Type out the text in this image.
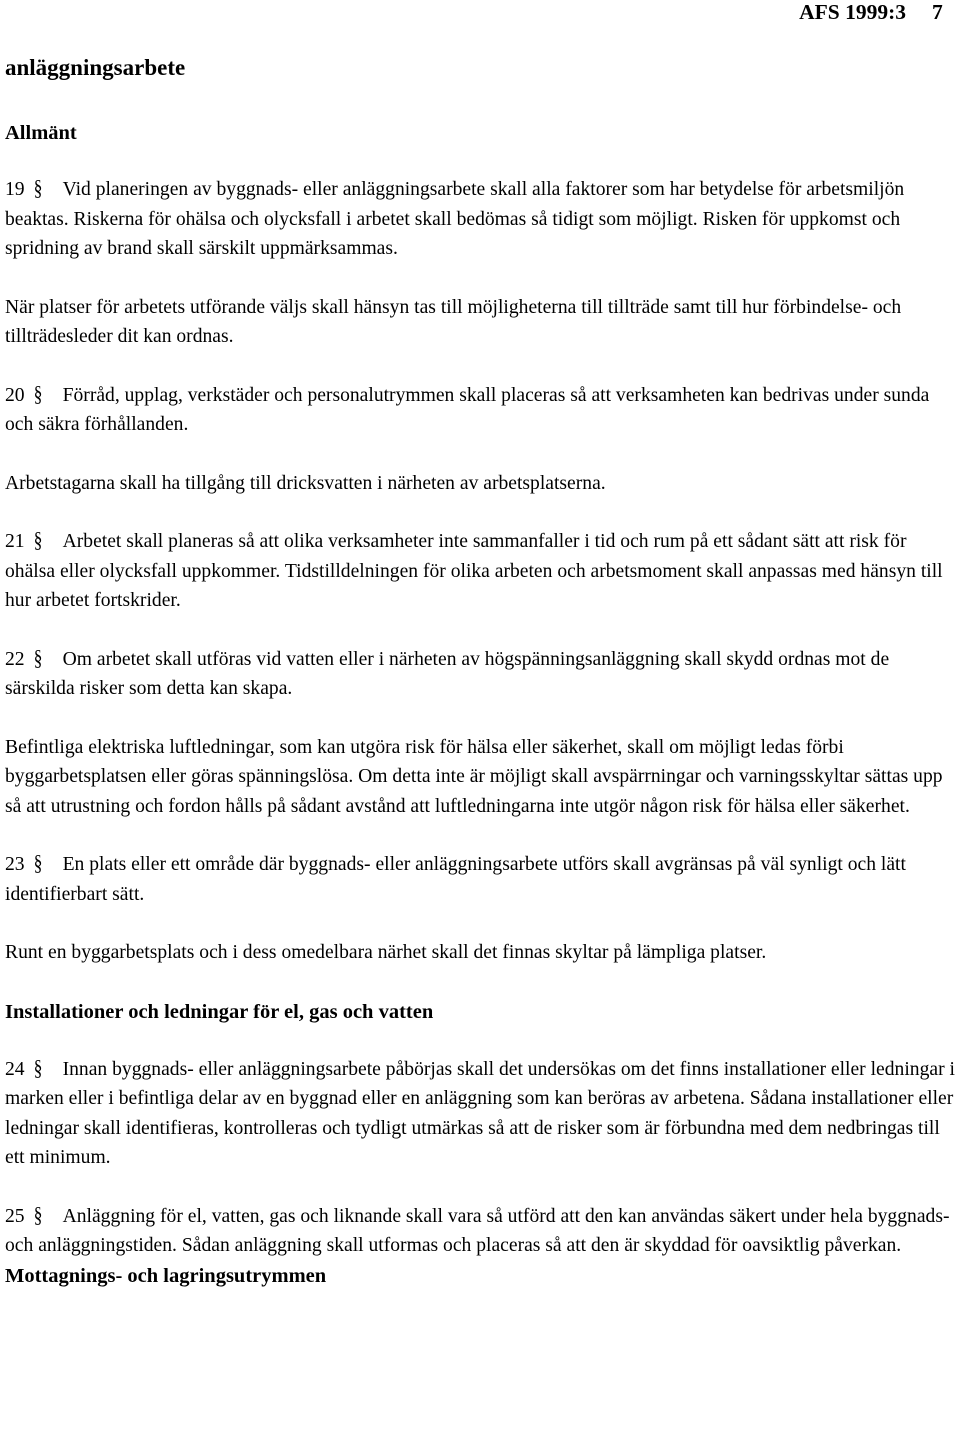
AFS 1999:3 7
anläggningsarbete
Allmänt

19 § Vid planeringen av byggnads- eller anläggningsarbete skall alla faktorer som har betydelse för arbetsmiljön beaktas. Riskerna för ohälsa och olycksfall i arbetet skall bedömas så tidigt som möjligt. Risken för uppkomst och spridning av brand skall särskilt uppmärksammas.

När platser för arbetets utförande väljs skall hänsyn tas till möjligheterna till tillträde samt till hur förbindelse- och tillträdesleder dit kan ordnas.

20 § Förråd, upplag, verkstäder och personalutrymmen skall placeras så att verksamheten kan bedrivas under sunda och säkra förhållanden.

Arbetstagarna skall ha tillgång till dricksvatten i närheten av arbetsplatserna.

21 § Arbetet skall planeras så att olika verksamheter inte sammanfaller i tid och rum på ett sådant sätt att risk för ohälsa eller olycksfall uppkommer. Tidstilldelningen för olika arbeten och arbetsmoment skall anpassas med hänsyn till hur arbetet fortskrider.

22 § Om arbetet skall utföras vid vatten eller i närheten av högspänningsanläggning skall skydd ordnas mot de särskilda risker som detta kan skapa.

Befintliga elektriska luftledningar, som kan utgöra risk för hälsa eller säkerhet, skall om möjligt ledas förbi byggarbetsplatsen eller göras spänningslösa. Om detta inte är möjligt skall avspärrningar och varningsskyltar sättas upp så att utrustning och fordon hålls på sådant avstånd att luftledningarna inte utgör någon risk för hälsa eller säkerhet.

23 § En plats eller ett område där byggnads- eller anläggningsarbete utförs skall avgränsas på väl synligt och lätt identifierbart sätt.

Runt en byggarbetsplats och i dess omedelbara närhet skall det finnas skyltar på lämpliga platser.

Installationer och ledningar för el, gas och vatten

24 § Innan byggnads- eller anläggningsarbete påbörjas skall det undersökas om det finns installationer eller ledningar i marken eller i befintliga delar av en byggnad eller en anläggning som kan beröras av arbetena. Sådana installationer eller ledningar skall identifieras, kontrolleras och tydligt utmärkas så att de risker som är förbundna med dem nedbringas till ett minimum.

25 § Anläggning för el, vatten, gas och liknande skall vara så utförd att den kan användas säkert under hela byggnads- och anläggningstiden. Sådan anläggning skall utformas och placeras så att den är skyddad för oavsiktlig påverkan.

Mottagnings- och lagringsutrymmen
